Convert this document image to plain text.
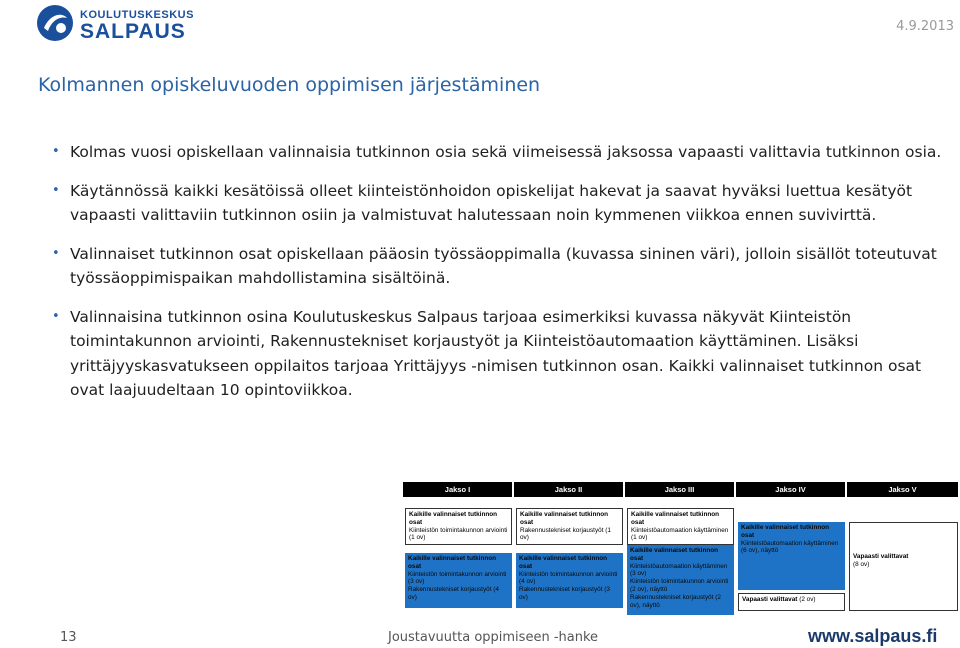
KOULUTUSKESKUS
SALPAUS	4.9.2013
Kolmannen opiskeluvuoden oppimisen järjestäminen
• Kolmas vuosi opiskellaan valinnaisia tutkinnon osia sekä viimeisessä jaksossa vapaasti valittavia tutkinnon osia.
• Käytännössä kaikki kesätöissä olleet kiinteistönhoidon opiskelijat hakevat ja saavat hyväksi luettua kesätyöt vapaasti valittaviin tutkinnon osiin ja valmistuvat halutessaan noin kymmenen viikkoa ennen suvivirttä.
• Valinnaiset tutkinnon osat opiskellaan pääosin työssäoppimalla (kuvassa sininen väri), jolloin sisällöt toteutuvat työssäoppimispaikan mahdollistamina sisältöinä.
• Valinnaisina tutkinnon osina Koulutuskeskus Salpaus tarjoaa esimerkiksi kuvassa näkyvät Kiinteistön toimintakunnon arviointi, Rakennustekniset korjaustyöt ja Kiinteistöautomaation käyttäminen. Lisäksi yrittäjyyskasvatukseen oppilaitos tarjoaa Yrittäjyys -nimisen tutkinnon osan. Kaikki valinnaiset tutkinnon osat ovat laajuudeltaan 10 opintoviikkoa.
Jakso I	Jakso II	Jakso III	Jakso IV	Jakso V
Kaikille valinnaiset tutkinnon osat
Kiinteistön toimintakunnon arviointi (1 ov)
Kaikille valinnaiset tutkinnon osat
Kiinteistön toimintakunnon arviointi (3 ov)
Rakennustekniset korjaustyöt (4 ov)
Kaikille valinnaiset tutkinnon osat
Rakennustekniset korjaustyöt (1 ov)
Kaikille valinnaiset tutkinnon osat
Kiinteistön toimintakunnon arviointi (4 ov)
Rakennustekniset korjaustyöt (3 ov)
Kaikille valinnaiset tutkinnon osat
Kiinteistöautomaation käyttäminen (1 ov)
Kaikille valinnaiset tutkinnon osat
Kiinteistöautomaation käyttäminen (3 ov)
Kiinteistön toimintakunnon arviointi (2 ov), näyttö
Rakennustekniset korjaustyöt (2 ov), näyttö
Kaikille valinnaiset tutkinnon osat
Kiinteistöautomaation käyttäminen (6 ov), näyttö
Vapaasti valittavat (2 ov)
Vapaasti valittavat
(8 ov)
13	Joustavuutta oppimiseen -hanke	www.salpaus.fi
